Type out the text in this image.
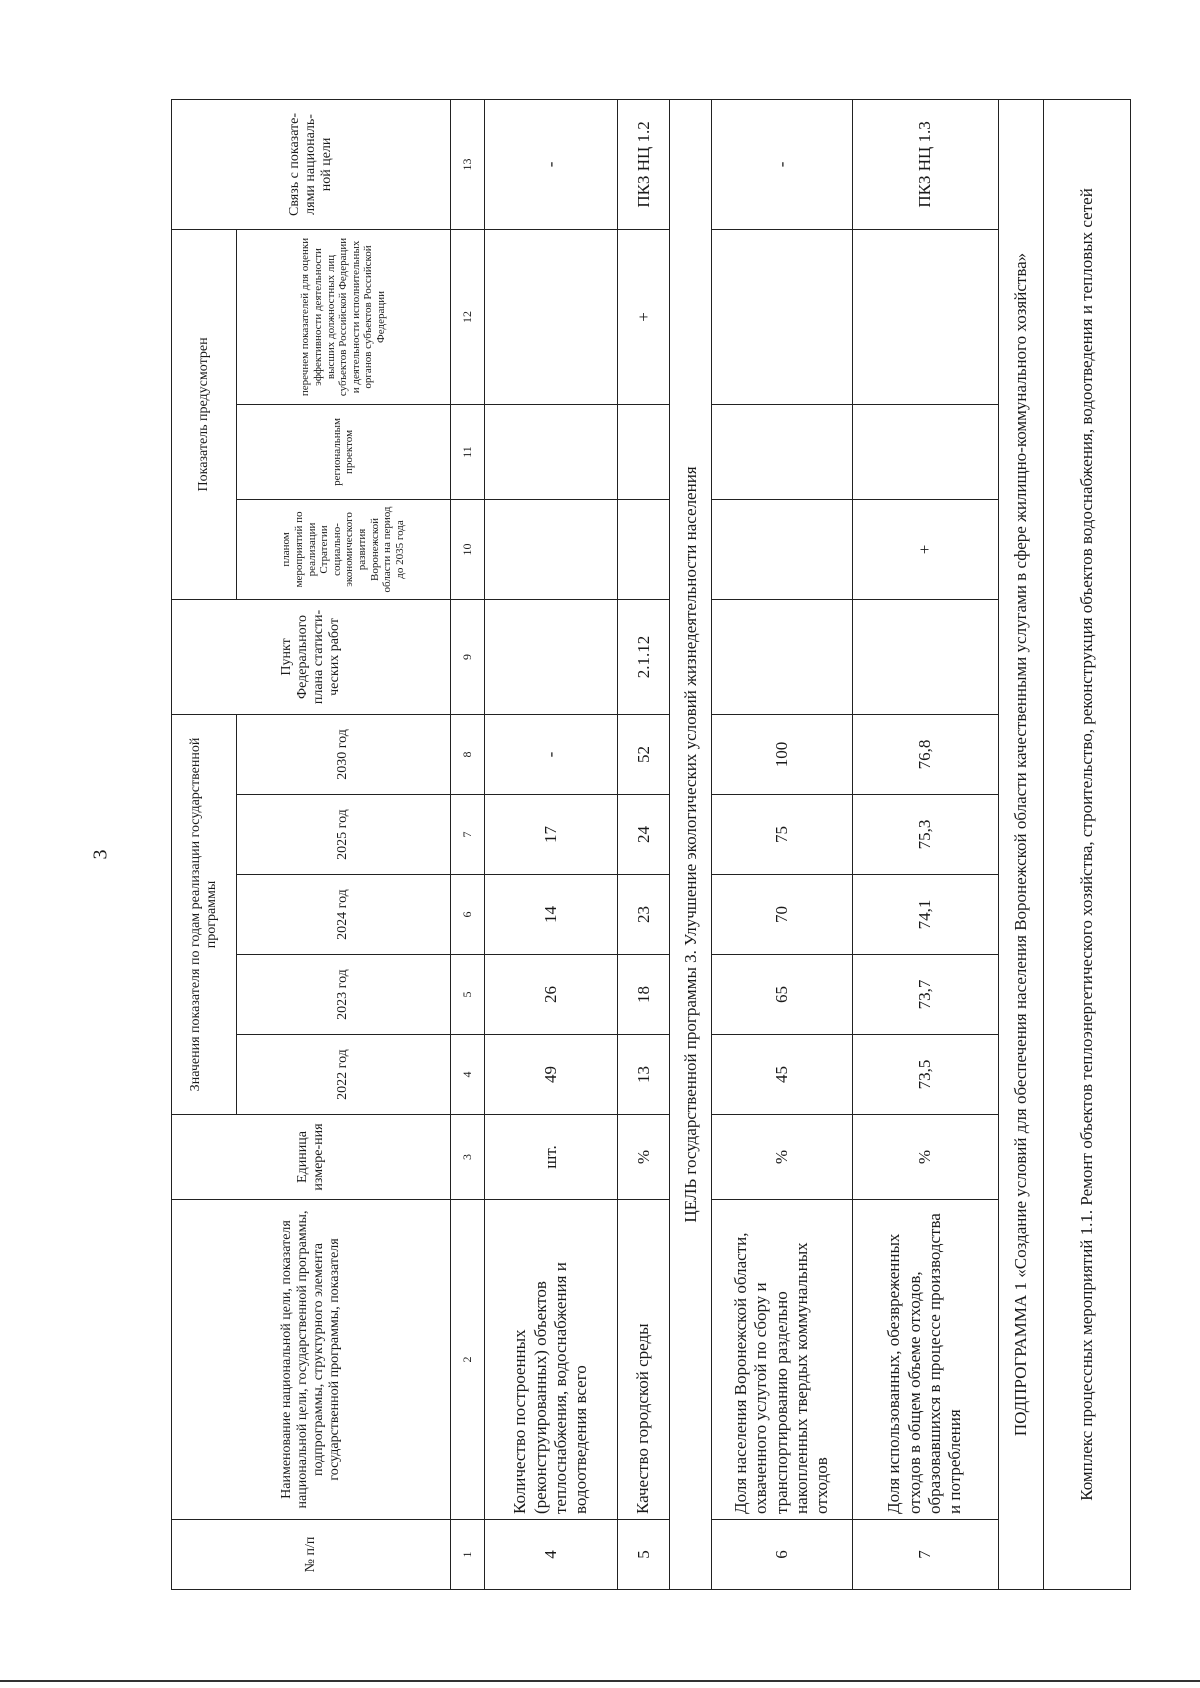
3
№ п/п	Наименование национальной цели, показателя национальной цели, государственной программы, подпрограммы, структурного элемента государственной программы, показателя	Единица измере-ния	Значения показателя по годам реализации государственной программы					Пункт Федерального плана статисти-ческих работ	Показатель предусмотрен			Связь с показате-лями националь-ной цели
			2022 год	2023 год	2024 год	2025 год	2030 год		планом мероприятий по реализации Стратегии социально-экономического развития Воронежской области на период до 2035 года	региональным проектом	перечнем показателей для оценки эффективности деятельности высших должностных лиц субъектов Российской Федерации и деятельности исполнительных органов субъектов Российской Федерации	
1	2	3	4	5	6	7	8	9	10	11	12	13
4	Количество построенных (реконструированных) объектов теплоснабжения, водоснабжения и водоотведения всего	шт.	49	26	14	17	-					-
5	Качество городской среды	%	13	18	23	24	52	2.1.12			+	ПКЗ НЦ 1.2
ЦЕЛЬ государственной программы 3. Улучшение экологических условий жизнедеятельности населения												
6	Доля населения Воронежской области, охваченного услугой по сбору и транспортированию раздельно накопленных твердых коммунальных отходов	%	45	65	70	75	100					-
7	Доля использованных, обезвреженных отходов в общем объеме отходов, образовавшихся в процессе производства и потребления	%	73,5	73,7	74,1	75,3	76,8		+			ПКЗ НЦ 1.3
ПОДПРОГРАММА 1 «Создание условий для обеспечения населения Воронежской области качественными услугами в сфере жилищно-коммунального хозяйства»												
Комплекс процессных мероприятий 1.1. Ремонт объектов теплоэнергетического хозяйства, строительство, реконструкция объектов водоснабжения, водоотведения и тепловых сетей												
